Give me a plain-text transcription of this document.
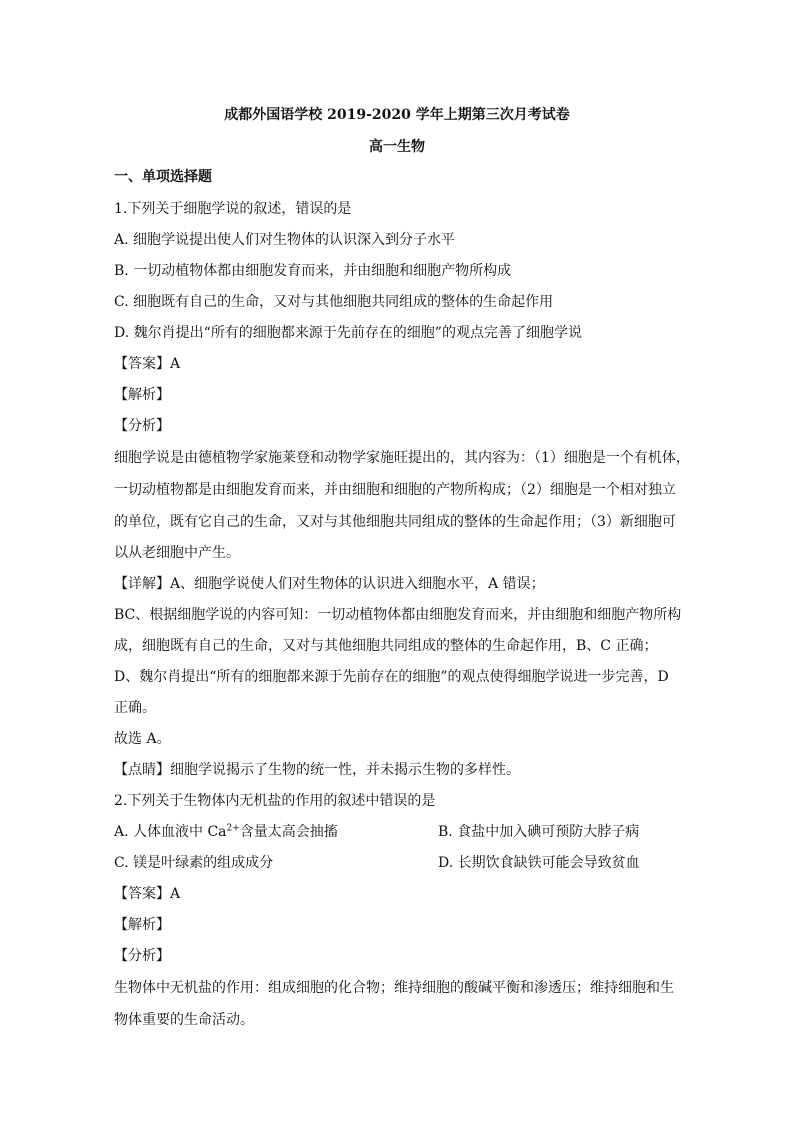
成都外国语学校 2019-2020 学年上期第三次月考试卷
高一生物
一、单项选择题
1.下列关于细胞学说的叙述，错误的是
A. 细胞学说提出使人们对生物体的认识深入到分子水平
B. 一切动植物体都由细胞发育而来，并由细胞和细胞产物所构成
C. 细胞既有自己的生命，又对与其他细胞共同组成的整体的生命起作用
D. 魏尔肖提出“所有的细胞都来源于先前存在的细胞”的观点完善了细胞学说
【答案】A
【解析】
【分析】
细胞学说是由德植物学家施莱登和动物学家施旺提出的，其内容为：（1）细胞是一个有机体，
一切动植物都是由细胞发育而来，并由细胞和细胞的产物所构成；（2）细胞是一个相对独立
的单位，既有它自己的生命，又对与其他细胞共同组成的整体的生命起作用；（3）新细胞可
以从老细胞中产生。
【详解】A、细胞学说使人们对生物体的认识进入细胞水平，A 错误；
BC、根据细胞学说的内容可知：一切动植物体都由细胞发育而来，并由细胞和细胞产物所构
成，细胞既有自己的生命，又对与其他细胞共同组成的整体的生命起作用，B、C 正确；
D、魏尔肖提出“所有的细胞都来源于先前存在的细胞”的观点使得细胞学说进一步完善，D
正确。
故选 A。
【点睛】细胞学说揭示了生物的统一性，并未揭示生物的多样性。
2.下列关于生物体内无机盐的作用的叙述中错误的是
A. 人体血液中 $Ca^{2+}$含量太高会抽搐	B. 食盐中加入碘可预防大脖子病
C. 镁是叶绿素的组成成分	D. 长期饮食缺铁可能会导致贫血
【答案】A
【解析】
【分析】
生物体中无机盐的作用：组成细胞的化合物；维持细胞的酸碱平衡和渗透压；维持细胞和生
物体重要的生命活动。
